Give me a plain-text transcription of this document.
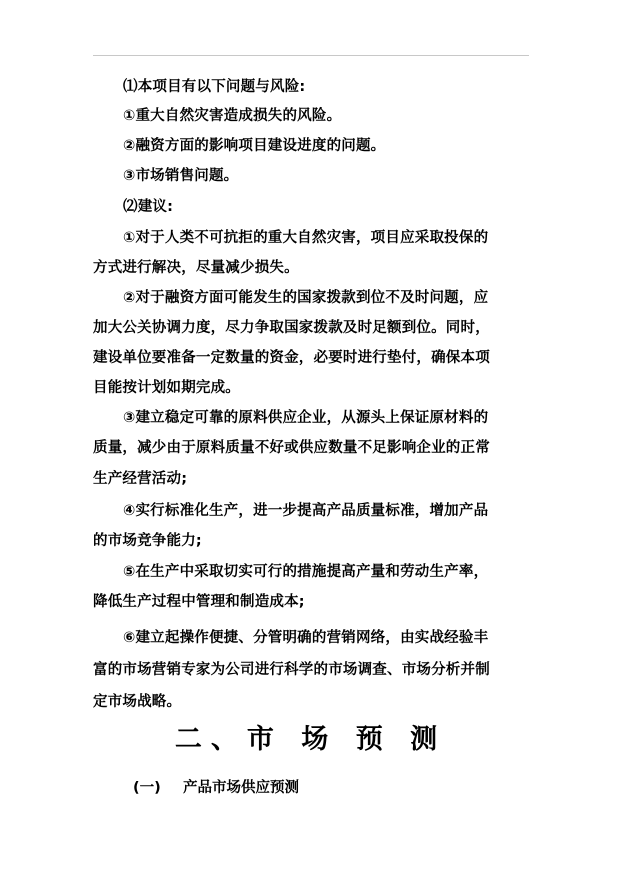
⑴本项目有以下问题与风险:
①重大自然灾害造成损失的风险。
②融资方面的影响项目建设进度的问题。
③市场销售问题。
⑵建议:
①对于人类不可抗拒的重大自然灾害，项目应采取投保的
方式进行解决，尽量减少损失。
②对于融资方面可能发生的国家拨款到位不及时问题，应
加大公关协调力度，尽力争取国家拨款及时足额到位。同时，
建设单位要准备一定数量的资金，必要时进行垫付，确保本项
目能按计划如期完成。
③建立稳定可靠的原料供应企业，从源头上保证原材料的
质量，减少由于原料质量不好或供应数量不足影响企业的正常
生产经营活动;
④实行标准化生产，进一步提高产品质量标准，增加产品
的市场竞争能力;
⑤在生产中采取切实可行的措施提高产量和劳动生产率，
降低生产过程中管理和制造成本;
⑥建立起操作便捷、分管明确的营销网络，由实战经验丰
富的市场营销专家为公司进行科学的市场调查、市场分析并制
定市场战略。
二、市 场 预 测
(一) 产品市场供应预测
